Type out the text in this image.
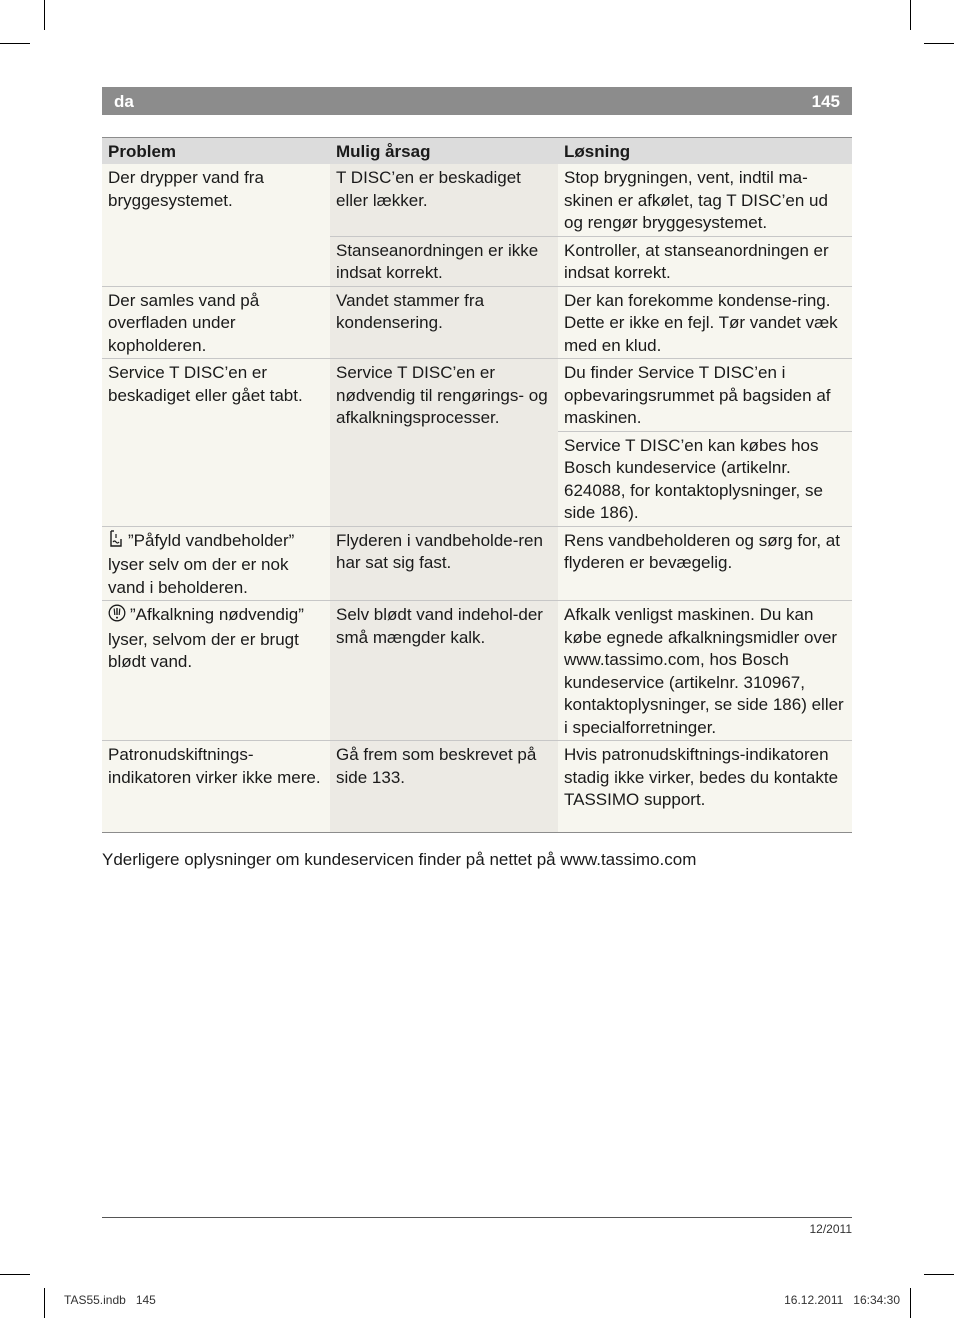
da	145
Problem	Mulig årsag	Løsning
Der drypper vand fra bryggesystemet.	T DISC’en er beskadiget eller lækker.	Stop brygningen, vent, indtil ma-skinen er afkølet, tag T DISC’en ud og rengør bryggesystemet.
	Stanseanordningen er ikke indsat korrekt.	Kontroller, at stanseanordningen er indsat korrekt.
Der samles vand på overfladen under kopholderen.	Vandet stammer fra kondensering.	Der kan forekomme kondense-ring. Dette er ikke en fejl. Tør vandet væk med en klud.
Service T DISC’en er beskadiget eller gået tabt.	Service T DISC’en er nødvendig til rengørings- og afkalkningsprocesser.	Du finder Service T DISC’en i opbevaringsrummet på bagsiden af maskinen.
		Service T DISC’en kan købes hos Bosch kundeservice (artikelnr. 624088, for kontaktoplysninger, se side 186).
”Påfyld vandbeholder” lyser selv om der er nok vand i beholderen.	Flyderen i vandbeholde-ren har sat sig fast.	Rens vandbeholderen og sørg for, at flyderen er bevægelig.
”Afkalkning nødvendig” lyser, selvom der er brugt blødt vand.	Selv blødt vand indehol-der små mængder kalk.	Afkalk venligst maskinen. Du kan købe egnede afkalkningsmidler over www.tassimo.com, hos Bosch kundeservice (artikelnr. 310967, kontaktoplysninger, se side 186) eller i specialforretninger.
Patronudskiftnings-indikatoren virker ikke mere.	Gå frem som beskrevet på side 133.	Hvis patronudskiftnings-indikatoren stadig ikke virker, bedes du kontakte TASSIMO support.
Yderligere oplysninger om kundeservicen finder på nettet på www.tassimo.com
12/2011
TAS55.indb   145	16.12.2011   16:34:30
